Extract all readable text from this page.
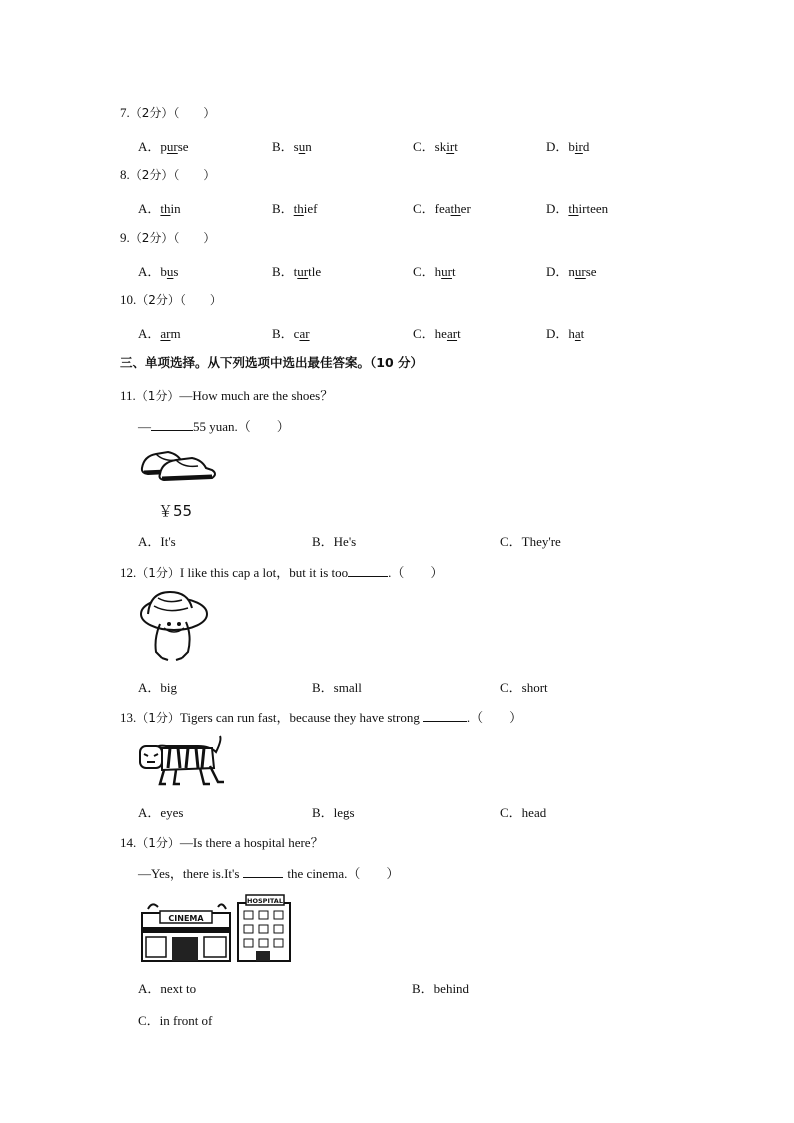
7.（2分）（　　）
A．purse	B．sun	C．skirt	D．bird
8.（2分）（　　）
A．thin	B．thief	C．feather	D．thirteen
9.（2分）（　　）
A．bus	B．turtle	C．hurt	D．nurse
10.（2分）（　　）
A．arm	B．car	C．heart	D．hat
三、单项选择。从下列选项中选出最佳答案。（10 分）
11.（1分）—How much are the shoes？
—	55 yuan.（　　）
￥55
A．It's	B．He's	C．They're
12.（1分）I like this cap a lot，but it is too	.（　　）
A．big	B．small	C．short
13.（1分）Tigers can run fast，because they have strong	.（　　）
A．eyes	B．legs	C．head
14.（1分）—Is there a hospital here？
—Yes，there is.It's	the cinema.（　　）
CINEMA
HOSPITAL
A．next to	B．behind
C．in front of
